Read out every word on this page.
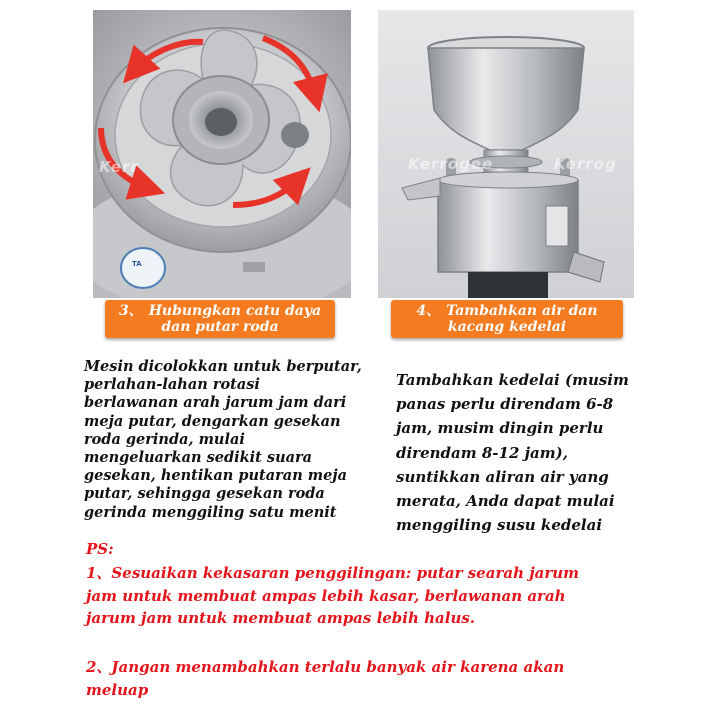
Kerr
TA
Kerrogee	Kerrog
3、 Hubungkan catu daya
dan putar roda
4、 Tambahkan air dan
kacang kedelai
Mesin dicolokkan untuk berputar,
perlahan-lahan rotasi
berlawanan arah jarum jam dari
meja putar, dengarkan gesekan
roda gerinda, mulai
mengeluarkan sedikit suara
gesekan, hentikan putaran meja
putar, sehingga gesekan roda
gerinda menggiling satu menit
Tambahkan kedelai (musim
panas perlu direndam 6-8
jam, musim dingin perlu
direndam 8-12 jam),
suntikkan aliran air yang
merata, Anda dapat mulai
menggiling susu kedelai
PS:
1、Sesuaikan kekasaran penggilingan: putar searah jarum
jam untuk membuat ampas lebih kasar, berlawanan arah
jarum jam untuk membuat ampas lebih halus.
2、Jangan menambahkan terlalu banyak air karena akan
meluap
